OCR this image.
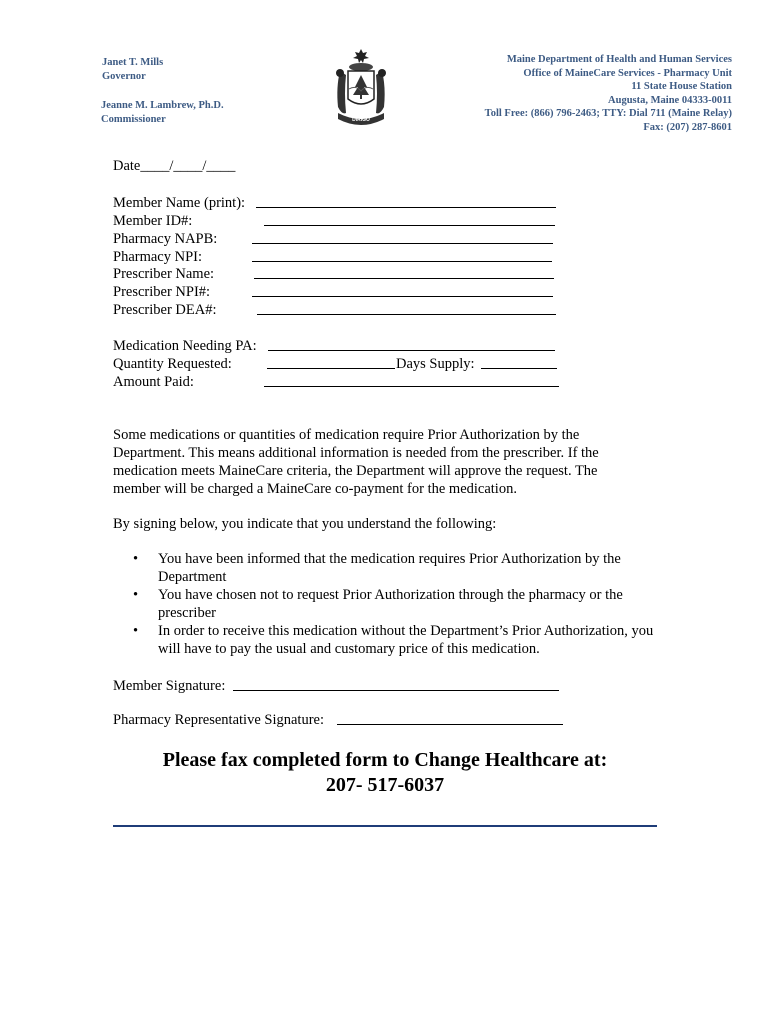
Janet T. Mills
Governor
Jeanne M. Lambrew, Ph.D.
Commissioner	DIRIGO
Maine Department of Health and Human Services
Office of MaineCare Services - Pharmacy Unit
11 State House Station
Augusta, Maine 04333-0011
Toll Free: (866) 796-2463; TTY: Dial 711 (Maine Relay)
Fax: (207) 287-8601
Date____/____/____
Member Name (print):
Member ID#:
Pharmacy NAPB:
Pharmacy NPI:
Prescriber Name:
Prescriber NPI#:
Prescriber DEA#:
Medication Needing PA:
Quantity Requested:	Days Supply:
Amount Paid:
Some medications or quantities of medication require Prior Authorization by the Department. This means additional information is needed from the prescriber. If the medication meets MaineCare criteria, the Department will approve the request. The member will be charged a MaineCare co-payment for the medication.
By signing below, you indicate that you understand the following:
• You have been informed that the medication requires Prior Authorization by the Department
• You have chosen not to request Prior Authorization through the pharmacy or the prescriber
• In order to receive this medication without the Department’s Prior Authorization, you will have to pay the usual and customary price of this medication.
Member Signature:
Pharmacy Representative Signature:
Please fax completed form to Change Healthcare at:
207- 517-6037
